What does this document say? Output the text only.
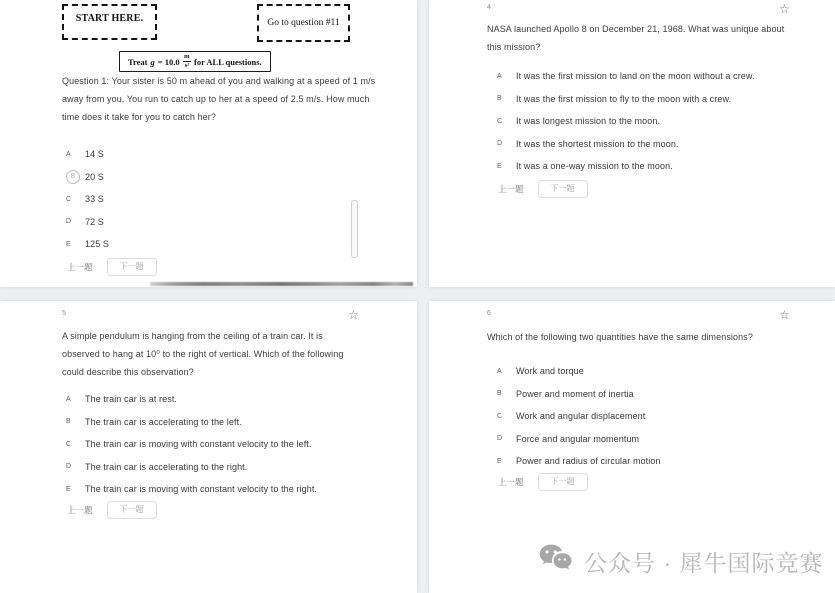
START HERE.	Go to question #11
Treat $g = 10.0 \frac{m}{\text{s²}}$ for ALL questions.
Question 1: Your sister is 50 m ahead of you and walking at a speed of 1 m/s away from you. You run to catch up to her at a speed of 2.5 m/s. How much time does it take for you to catch her?
A	14 S
B	20 S
C	33 S
D	72 S
E	125 S
上一题	下一题
4	☆
NASA launched Apollo 8 on December 21, 1968. What was unique about this mission?
A	It was the first mission to land on the moon without a crew.
B	It was the first mission to fly to the moon with a crew.
C	It was longest mission to the moon.
D	It was the shortest mission to the moon.
E	It was a one-way mission to the moon.
上一题	下一题
5	☆
A simple pendulum is hanging from the ceiling of a train car. It is observed to hang at 10⁰ to the right of vertical. Which of the following could describe this observation?
A	The train car is at rest.
B	The train car is accelerating to the left.
C	The train car is moving with constant velocity to the left.
D	The train car is accelerating to the right.
E	The train car is moving with constant velocity to the right.
上一题	下一题
6	☆
Which of the following two quantities have the same dimensions?
A	Work and torque
B	Power and moment of inertia
C	Work and angular displacement
D	Force and angular momentum
E	Power and radius of circular motion
上一题	下一题
公众号 · 犀牛国际竞赛
